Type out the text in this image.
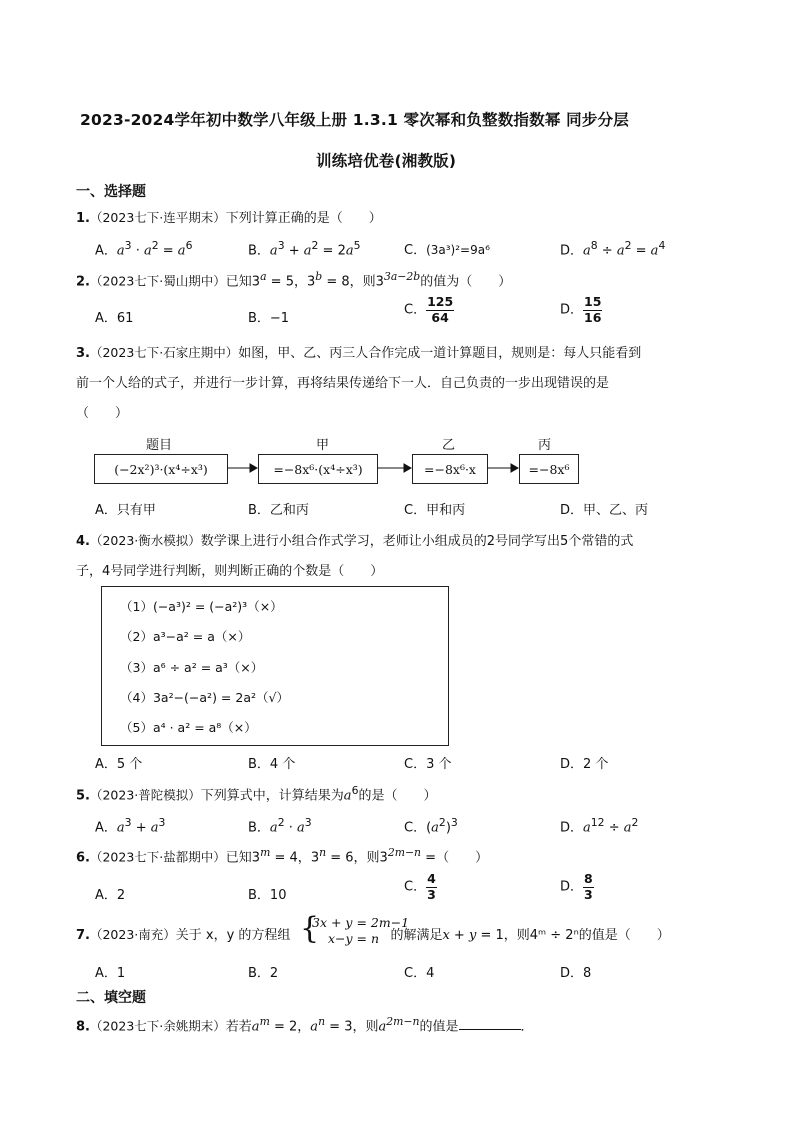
2023-2024学年初中数学八年级上册 1.3.1 零次幂和负整数指数幂 同步分层
训练培优卷(湘教版)
一、选择题
1.（2023七下·连平期末）下列计算正确的是（　　）
A．$a^3 \cdot a^2 = a^6$	B．$a^3 + a^2 = 2a^5$	C．(3a³)²=9a⁶	D．$a^8 \div a^2 = a^4$
2.（2023七下·蜀山期中）已知$3^a = 5$，$3^b = 8$，则$3^{3a-2b}$的值为（　　）
A．61	B．−1
C． $\frac{125}{64}$	D． $\frac{15}{16}$
3.（2023七下·石家庄期中）如图，甲、乙、丙三人合作完成一道计算题目，规则是：每人只能看到
前一个人给的式子，并进行一步计算，再将结果传递给下一人．自己负责的一步出现错误的是
（　　）
题目	甲	乙	丙
(−2x²)³·(x⁴÷x³)	=−8x⁶·(x⁴÷x³)	=−8x⁶·x	=−8x⁶
A．只有甲	B．乙和丙	C．甲和丙	D．甲、乙、丙
4.（2023·衡水模拟）数学课上进行小组合作式学习，老师让小组成员的2号同学写出5个常错的式
子，4号同学进行判断，则判断正确的个数是（　　）
（1）(−a³)² = (−a²)³（×）
（2）a³−a² = a（×）
（3）a⁶ ÷ a² = a³（×）
（4）3a²−(−a²) = 2a²（√）
（5）a⁴ · a² = a⁸（×）
A．5 个	B．4 个	C．3 个	D．2 个
5.（2023·普陀模拟）下列算式中，计算结果为$a^6$的是（　　）
A．$a^3 + a^3$	B．$a^2 \cdot a^3$	C．$(a^2)^3$	D．$a^{12} \div a^2$
6.（2023七下·盐都期中）已知$3^m = 4$，$3^n = 6$，则$3^{2m-n}$ =（　　）
A．2	B．10
C． $\frac{4}{3}$	D． $\frac{8}{3}$
7.（2023·南充）关于 x，y 的方程组	的解满足x + y = 1，则4ᵐ ÷ 2ⁿ的值是（　　）
{
3x + y = 2m−1
x−y = n
A．1	B．2	C．4	D．8
二、填空题
8.（2023七下·余姚期末）若若$a^m = 2$，$a^n = 3$，则$a^{2m-n}$的值是	．
